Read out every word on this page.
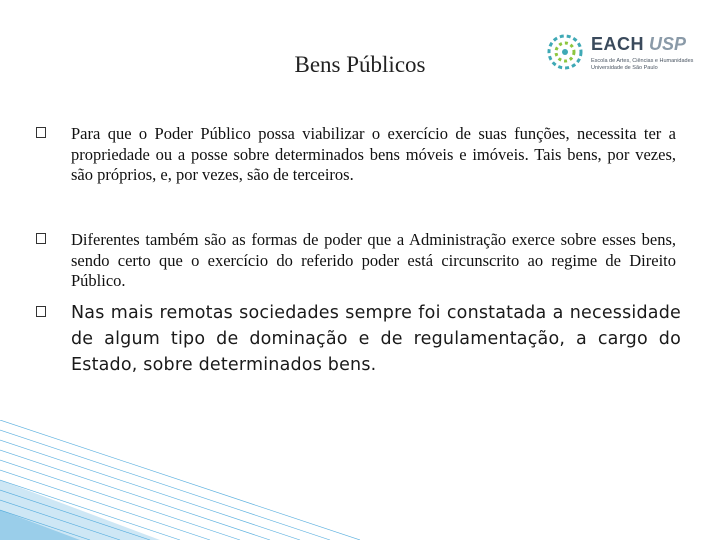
Bens Públicos
EACH USP
Escola de Artes, Ciências e Humanidades
Universidade de São Paulo
Para que o Poder Público possa viabilizar o exercício de suas funções, necessita ter a propriedade ou a posse sobre determinados bens móveis e imóveis. Tais bens, por vezes, são próprios, e, por vezes, são de terceiros.
Diferentes também são as formas de poder que a Administração exerce sobre esses bens, sendo certo que o exercício do referido poder está circunscrito ao regime de Direito Público.
Nas mais remotas sociedades sempre foi constatada a necessidade de algum tipo de dominação e de regulamentação, a cargo do Estado, sobre determinados bens.
